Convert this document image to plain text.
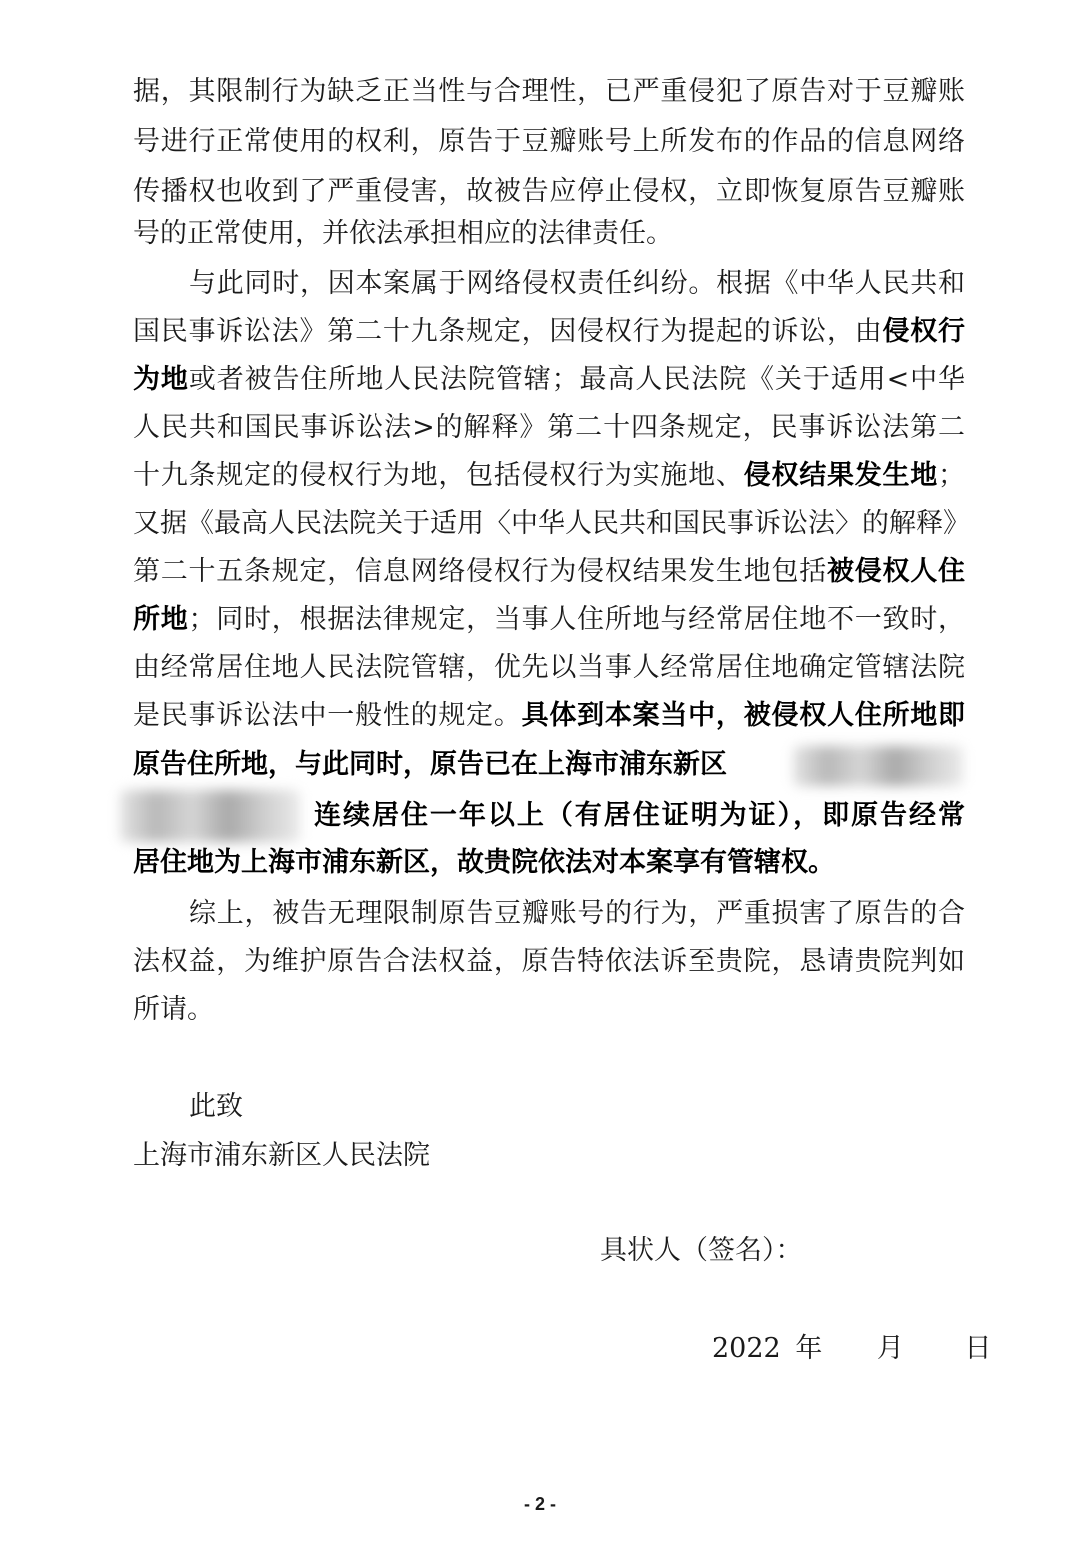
据，其限制行为缺乏正当性与合理性，已严重侵犯了原告对于豆瓣账
号进行正常使用的权利，原告于豆瓣账号上所发布的作品的信息网络
传播权也收到了严重侵害，故被告应停止侵权，立即恢复原告豆瓣账
号的正常使用，并依法承担相应的法律责任。
与此同时，因本案属于网络侵权责任纠纷。根据《中华人民共和
国民事诉讼法》第二十九条规定，因侵权行为提起的诉讼，由侵权行
为地或者被告住所地人民法院管辖；最高人民法院《关于适用<中华
人民共和国民事诉讼法>的解释》第二十四条规定，民事诉讼法第二
十九条规定的侵权行为地，包括侵权行为实施地、侵权结果发生地；
又据《最高人民法院关于适用〈中华人民共和国民事诉讼法〉的解释》
第二十五条规定，信息网络侵权行为侵权结果发生地包括被侵权人住
所地；同时，根据法律规定，当事人住所地与经常居住地不一致时，
由经常居住地人民法院管辖，优先以当事人经常居住地确定管辖法院
是民事诉讼法中一般性的规定。具体到本案当中，被侵权人住所地即
原告住所地，与此同时，原告已在上海市浦东新区
连续居住一年以上（有居住证明为证），即原告经常
居住地为上海市浦东新区，故贵院依法对本案享有管辖权。
综上，被告无理限制原告豆瓣账号的行为，严重损害了原告的合
法权益，为维护原告合法权益，原告特依法诉至贵院，恳请贵院判如
所请。
此致
上海市浦东新区人民法院
具状人（签名）：
2022 年 月 日
- 2 -
